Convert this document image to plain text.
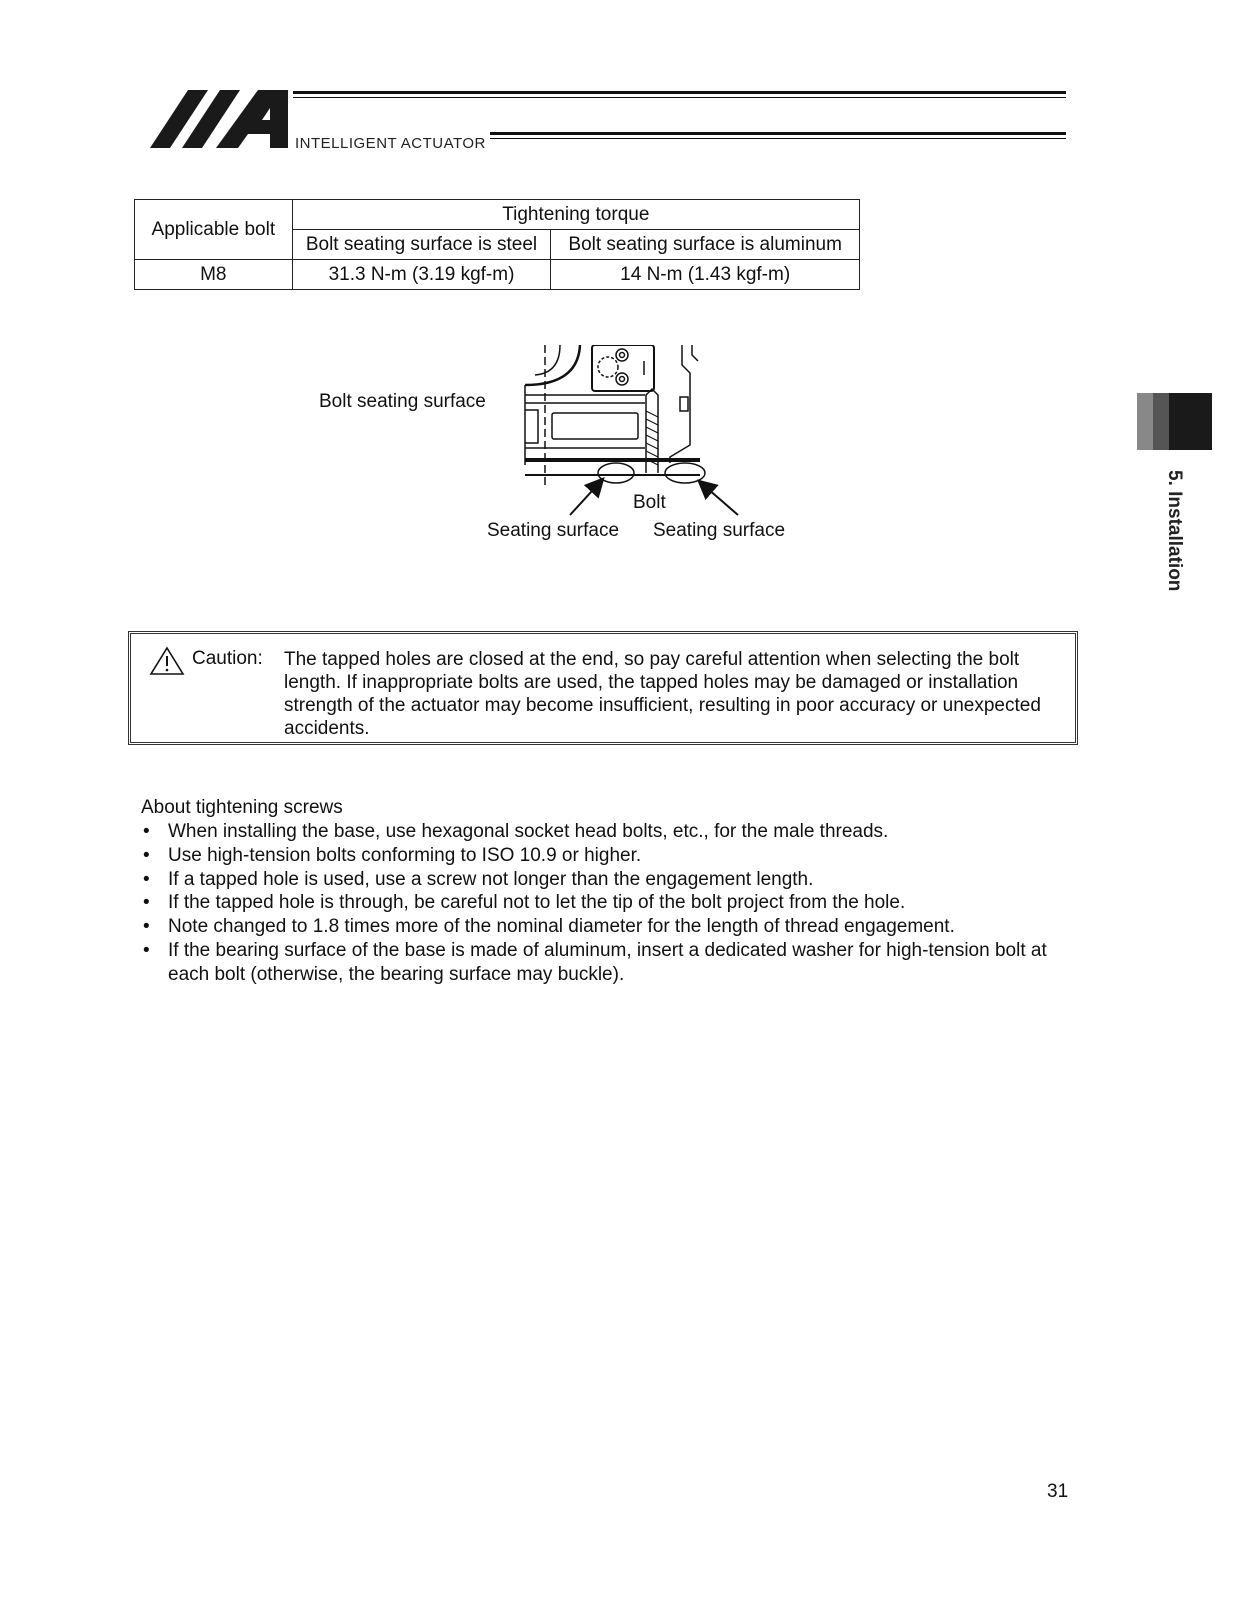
INTELLIGENT ACTUATOR
Applicable bolt	Tightening torque	
	Bolt seating surface is steel	Bolt seating surface is aluminum
M8	31.3 N-m (3.19 kgf-m)	14 N-m (1.43 kgf-m)
Bolt seating surface
Bolt
Seating surface Seating surface	5. Installation
Caution: The tapped holes are closed at the end, so pay careful attention when selecting the bolt length. If inappropriate bolts are used, the tapped holes may be damaged or installation strength of the actuator may become insufficient, resulting in poor accuracy or unexpected accidents.
About tightening screws
• When installing the base, use hexagonal socket head bolts, etc., for the male threads.
• Use high-tension bolts conforming to ISO 10.9 or higher.
• If a tapped hole is used, use a screw not longer than the engagement length.
• If the tapped hole is through, be careful not to let the tip of the bolt project from the hole.
• Note changed to 1.8 times more of the nominal diameter for the length of thread engagement.
• If the bearing surface of the base is made of aluminum, insert a dedicated washer for high-tension bolt at each bolt (otherwise, the bearing surface may buckle).
31
